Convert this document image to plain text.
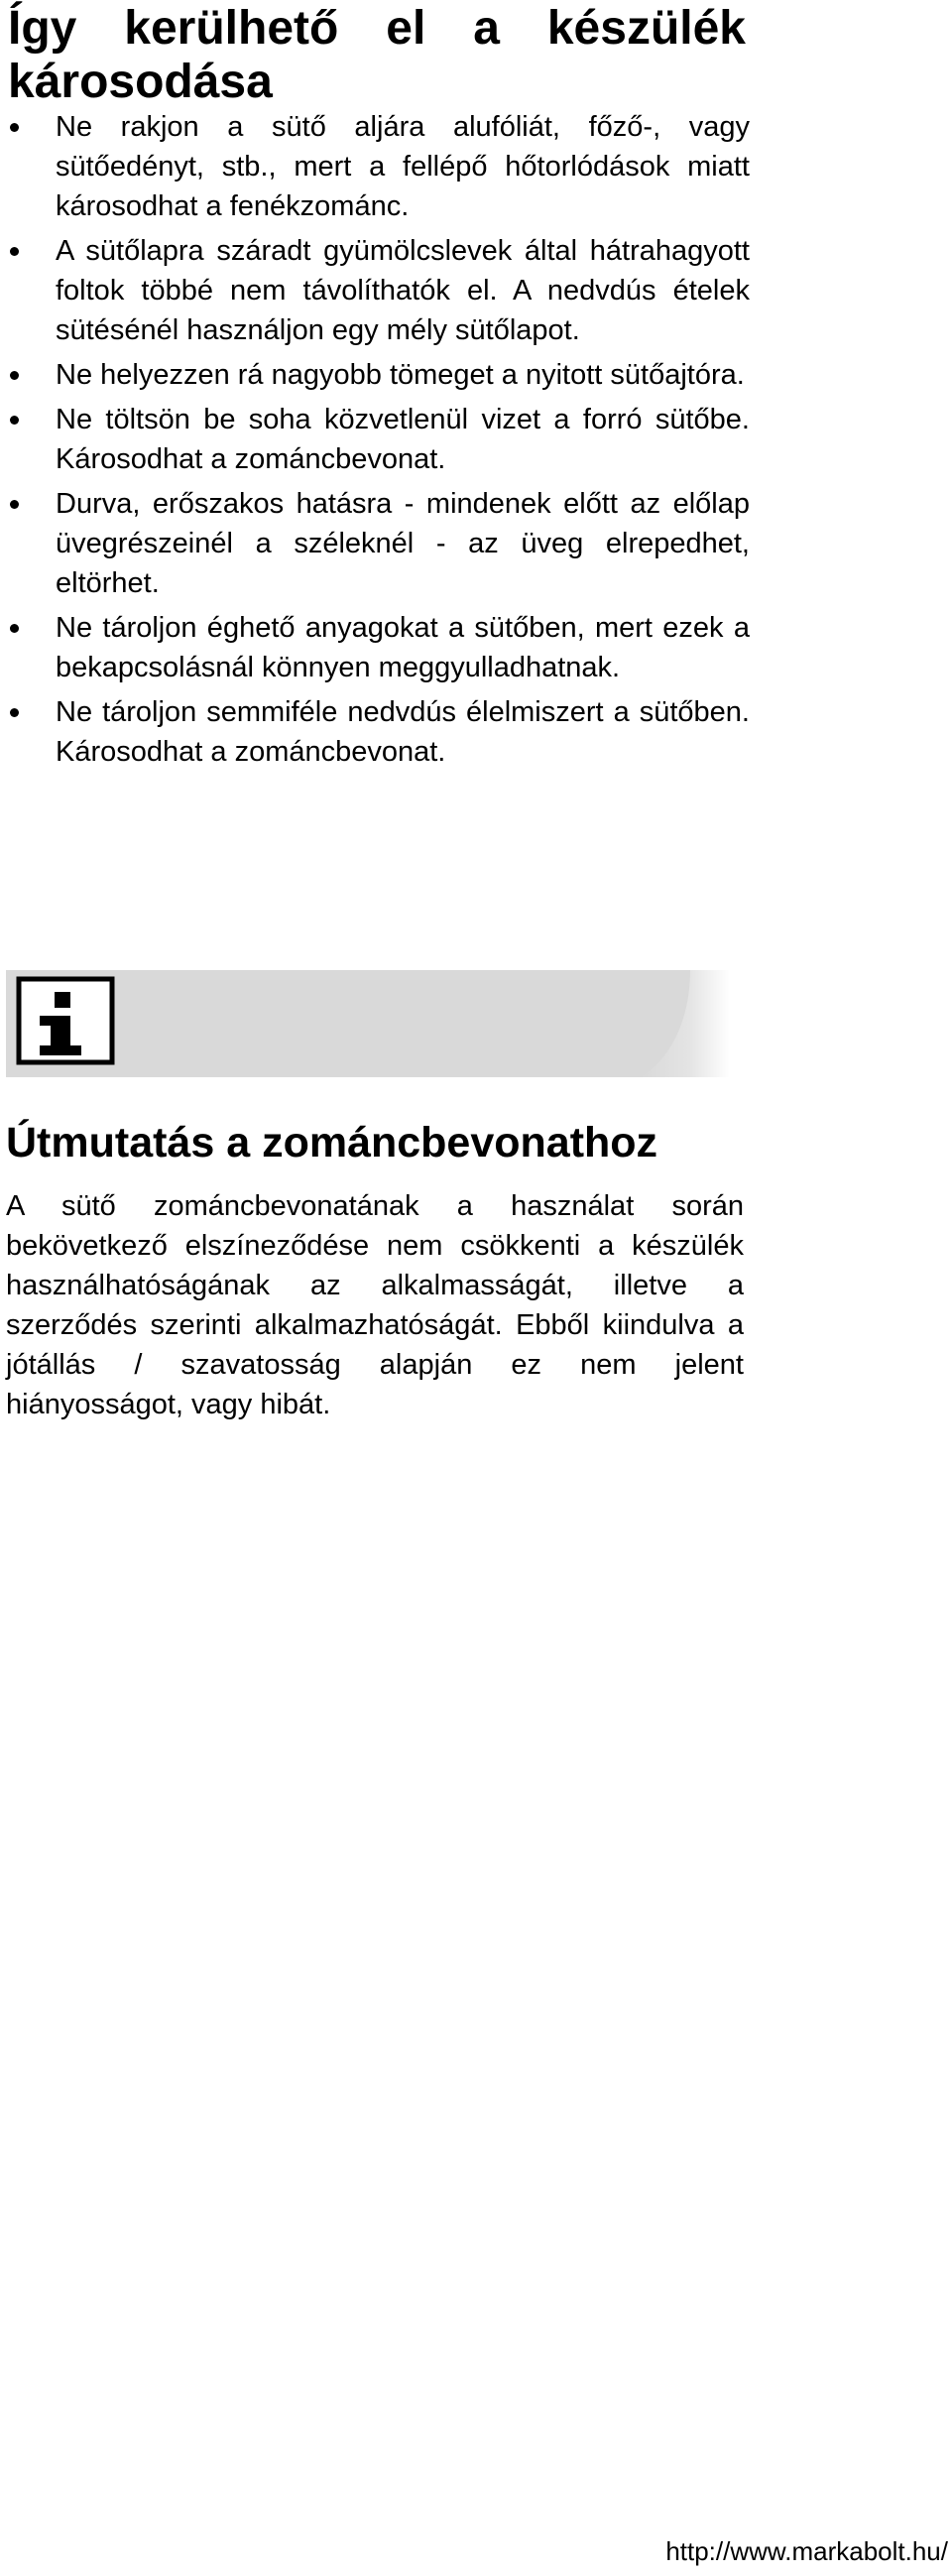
Így kerülhető el a készülék károsodása
Ne rakjon a sütő aljára alufóliát, főző-, vagy sütőedényt, stb., mert a fellépő hőtorlódások miatt károsodhat a fenékzománc.
A sütőlapra száradt gyümölcslevek által hátrahagyott foltok többé nem távolíthatók el. A nedvdús ételek sütésénél használjon egy mély sütőlapot.
Ne helyezzen rá nagyobb tömeget a nyitott sütőajtóra.
Ne töltsön be soha közvetlenül vizet a forró sütőbe. Károsodhat a zománcbevonat.
Durva, erőszakos hatásra - mindenek előtt az előlap üvegrészeinél a széleknél - az üveg elrepedhet, eltörhet.
Ne tároljon éghető anyagokat a sütőben, mert ezek a bekapcsolásnál könnyen meggyulladhatnak.
Ne tároljon semmiféle nedvdús élelmiszert a sütőben. Károsodhat a zománcbevonat.
Útmutatás a zománcbevonathoz

A sütő zománcbevonatának a használat során bekövetkező elszíneződése nem csökkenti a készülék használhatóságának az alkalmasságát, illetve a szerződés szerinti alkalmazhatóságát. Ebből kiindulva a jótállás / szavatosság alapján ez nem jelent hiányosságot, vagy hibát.

http://www.markabolt.hu/
